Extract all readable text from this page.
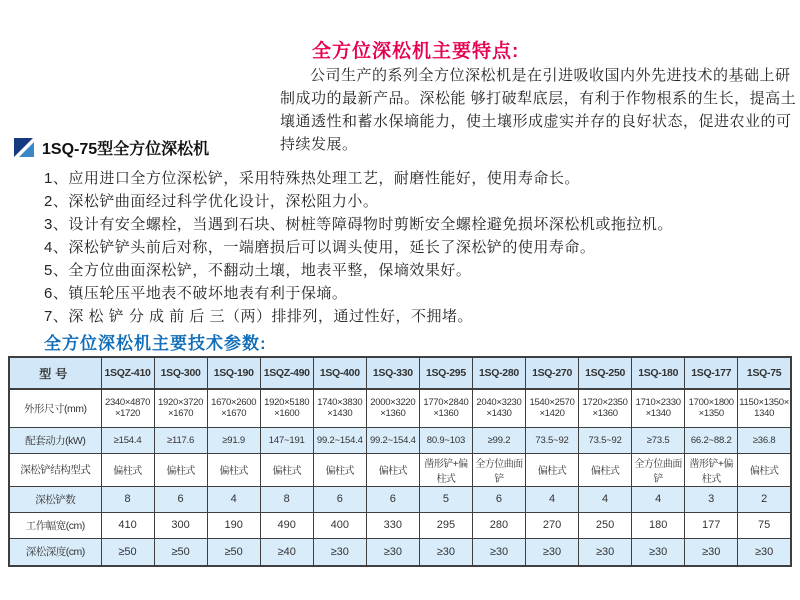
全方位深松机主要特点:

公司生产的系列全方位深松机是在引进吸收国内外先进技术的基础上研制成功的最新产品。深松能 够打破犁底层，有利于作物根系的生长，提高土壤通透性和蓄水保墒能力，使土壤形成虚实并存的良好状态，促进农业的可持续发展。

1SQ-75型全方位深松机
1、应用进口全方位深松铲，采用特殊热处理工艺，耐磨性能好，使用寿命长。
2、深松铲曲面经过科学优化设计，深松阻力小。
3、设计有安全螺栓，当遇到石块、树桩等障碍物时剪断安全螺栓避免损坏深松机或拖拉机。
4、深松铲铲头前后对称，一端磨损后可以调头使用，延长了深松铲的使用寿命。
5、全方位曲面深松铲，不翻动土壤，地表平整，保墒效果好。
6、镇压轮压平地表不破坏地表有利于保墒。
7、深 松 铲 分 成 前 后 三（两）排排列，通过性好，不拥堵。
全方位深松机主要技术参数:
型号	1SQZ-410	1SQ-300	1SQ-190	1SQZ-490	1SQ-400	1SQ-330	1SQ-295	1SQ-280	1SQ-270	1SQ-250	1SQ-180	1SQ-177	1SQ-75
外形尺寸(mm)	2340×4870×1720	1920×3720×1670	1670×2600×1670	1920×5180×1600	1740×3830×1430	2000×3220×1360	1770×2840×1360	2040×3230×1430	1540×2570×1420	1720×2350×1360	1710×2330×1340	1700×1800×1350	1150×1350×1340
配套动力(kW)	≥154.4	≥117.6	≥91.9	147~191	99.2~154.4	99.2~154.4	80.9~103	≥99.2	73.5~92	73.5~92	≥73.5	66.2~88.2	≥36.8
深松铲结构型式	偏柱式	偏柱式	偏柱式	偏柱式	偏柱式	偏柱式	凿形铲+偏柱式	全方位曲面铲	偏柱式	偏柱式	全方位曲面铲	凿形铲+偏柱式	偏柱式
深松铲数	8	6	4	8	6	6	5	6	4	4	4	3	2
工作幅宽(cm)	410	300	190	490	400	330	295	280	270	250	180	177	75
深松深度(cm)	≥50	≥50	≥50	≥40	≥30	≥30	≥30	≥30	≥30	≥30	≥30	≥30	≥30
